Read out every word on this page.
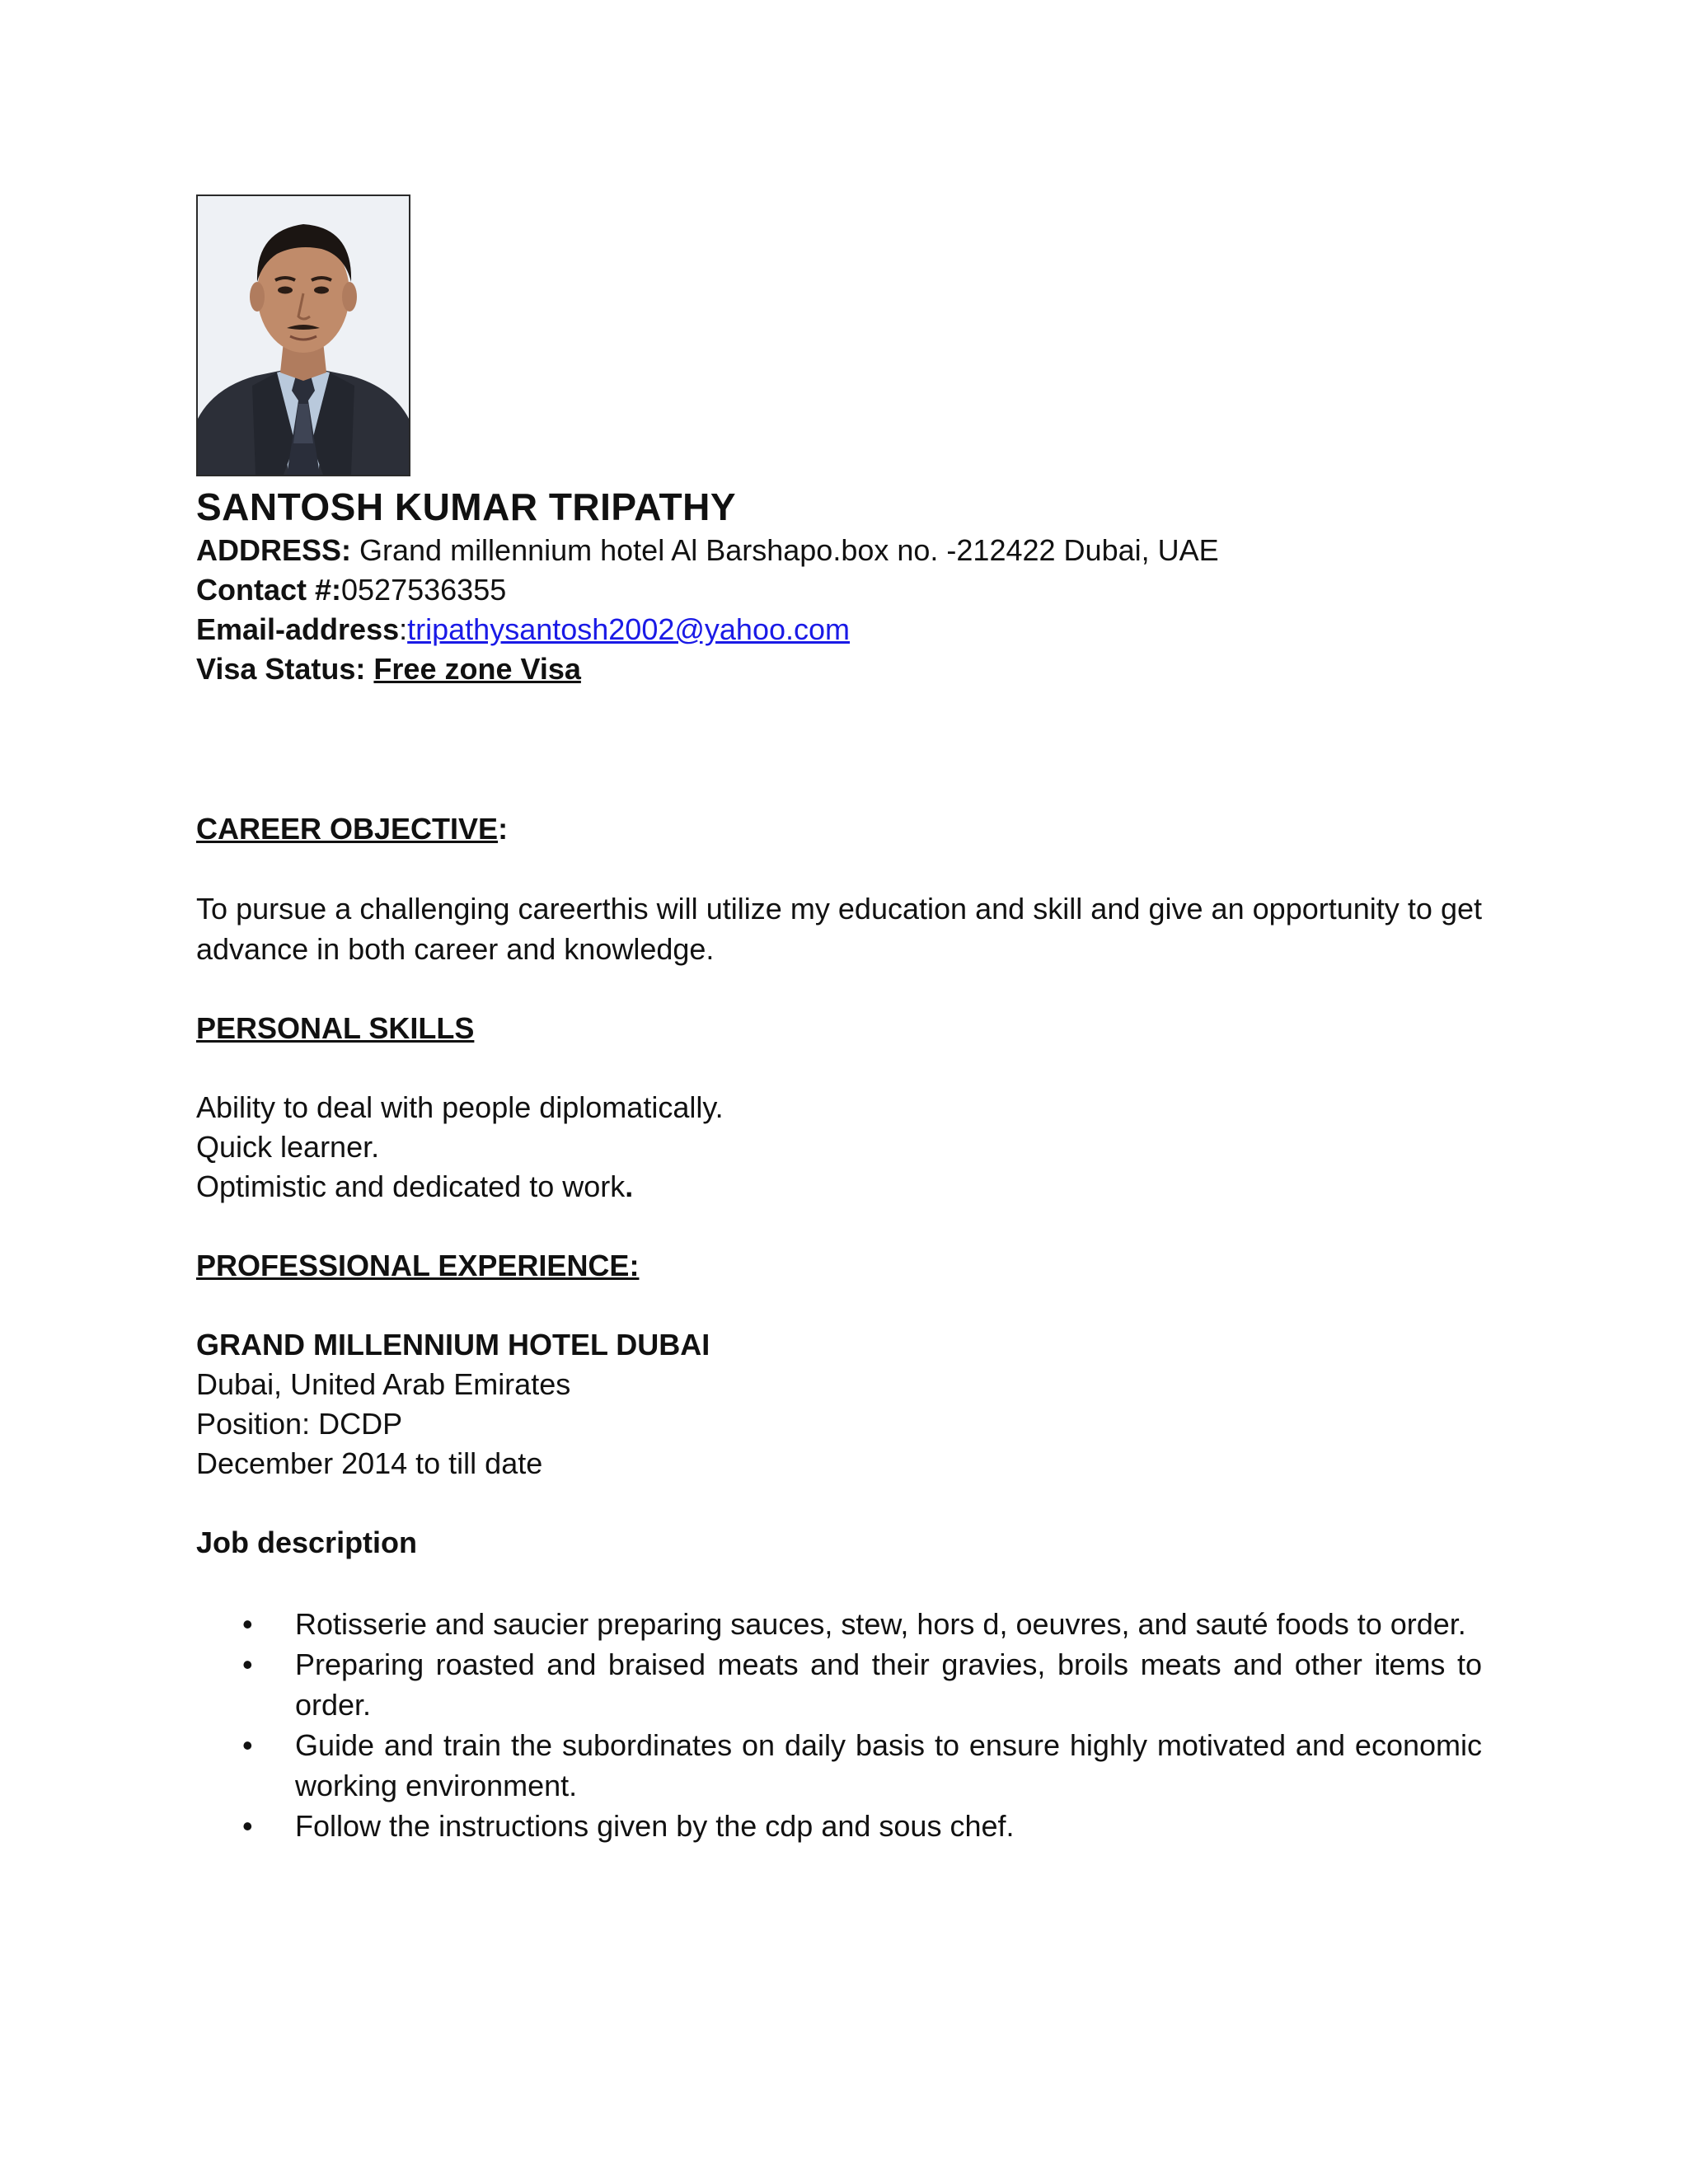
SANTOSH KUMAR TRIPATHY
ADDRESS: Grand millennium hotel Al Barshapo.box no. -212422 Dubai, UAE
Contact #:0527536355
Email-address:tripathysantosh2002@yahoo.com
Visa Status: Free zone Visa
CAREER OBJECTIVE:
To pursue a challenging careerthis will utilize my education and skill and give an opportunity to get advance in both career and knowledge.
PERSONAL SKILLS
Ability to deal with people diplomatically.
Quick learner.
Optimistic and dedicated to work.
PROFESSIONAL EXPERIENCE:
GRAND MILLENNIUM HOTEL DUBAI
Dubai, United Arab Emirates
Position: DCDP
December 2014 to till date
Job description
• Rotisserie and saucier preparing sauces, stew, hors d, oeuvres, and sauté foods to order.
• Preparing roasted and braised meats and their gravies, broils meats and other items to order.
• Guide and train the subordinates on daily basis to ensure highly motivated and economic working environment.
• Follow the instructions given by the cdp and sous chef.
